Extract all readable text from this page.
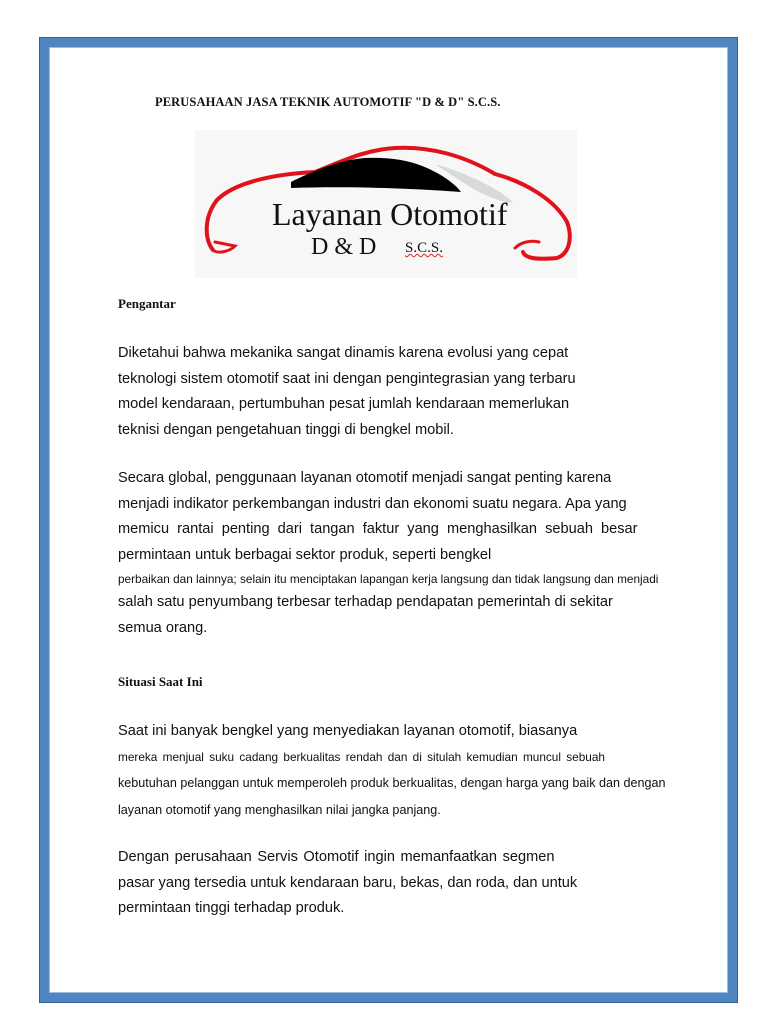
PERUSAHAAN JASA TEKNIK AUTOMOTIF "D & D" S.C.S.
Layanan Otomotif
D & D S.C.S.
Pengantar
Diketahui bahwa mekanika sangat dinamis karena evolusi yang cepat
teknologi sistem otomotif saat ini dengan pengintegrasian yang terbaru
model kendaraan, pertumbuhan pesat jumlah kendaraan memerlukan
teknisi dengan pengetahuan tinggi di bengkel mobil.
Secara global, penggunaan layanan otomotif menjadi sangat penting karena
menjadi indikator perkembangan industri dan ekonomi suatu negara. Apa yang
memicu rantai penting dari tangan faktur yang menghasilkan sebuah besar
permintaan untuk berbagai sektor produk, seperti bengkel
perbaikan dan lainnya; selain itu menciptakan lapangan kerja langsung dan tidak langsung dan menjadi
salah satu penyumbang terbesar terhadap pendapatan pemerintah di sekitar
semua orang.
Situasi Saat Ini
Saat ini banyak bengkel yang menyediakan layanan otomotif, biasanya
mereka menjual suku cadang berkualitas rendah dan di situlah kemudian muncul sebuah
kebutuhan pelanggan untuk memperoleh produk berkualitas, dengan harga yang baik dan dengan
layanan otomotif yang menghasilkan nilai jangka panjang.
Dengan perusahaan Servis Otomotif ingin memanfaatkan segmen
pasar yang tersedia untuk kendaraan baru, bekas, dan roda, dan untuk
permintaan tinggi terhadap produk.
